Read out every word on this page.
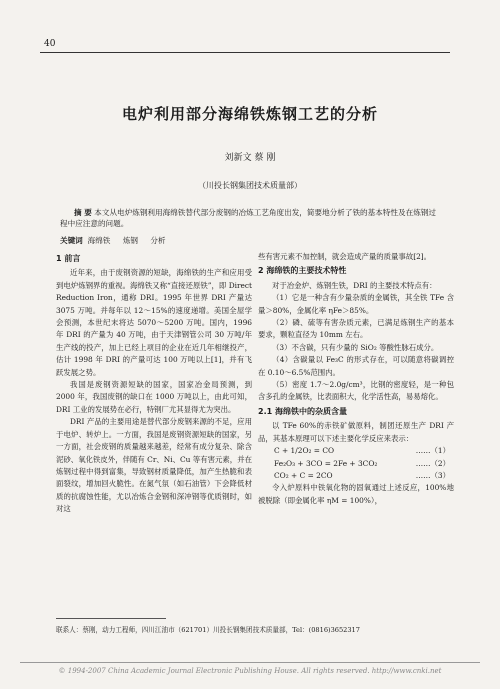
40
电炉利用部分海绵铁炼钢工艺的分析
刘新文 蔡 刚
（川投长钢集团技术质量部）
摘 要 本文从电炉炼钢利用海绵铁替代部分废钢的冶炼工艺角度出发，简要地分析了铁的基本特性及在炼钢过程中应注意的问题。
关键词 海绵铁 炼钢 分析
1 前言

近年来，由于废钢资源的短缺，海绵铁的生产和应用受到电炉炼钢界的重视。海绵铁又称“直接还原铁”，即 Direct Reduction Iron，通称 DRI。1995 年世界 DRI 产量达 3075 万吨。并每年以 12～15%的速度递增。美国全屋学会预测，本世纪末将达 5070～5200 万吨。国内，1996 年 DRI 的产量为 40 万吨，由于天津钢管公司 30 万吨/年生产线的投产，加上已经上项目的企业在近几年相继投产，估计 1998 年 DRI 的产量可达 100 万吨以上[1]，并有飞跃发展之势。

我国是废钢资源短缺的国家，国家冶金局预测，到 2000 年，我国废钢的缺口在 1000 万吨以上，由此可知，DRI 工业的发展势在必行，特钢厂尤其显得尤为突出。

DRI 产品的主要用途是替代部分废钢来源的不足，应用于电炉、转炉上。一方面，我国是废钢资源短缺的国家，另一方面，社会废钢的质量越来越差，经常有成分复杂、除含泥砂、氧化铁皮外，伴随有 Cr、Ni、Cu 等有害元素，并在炼钢过程中得到富集，导致钢材质量降低，加产生热脆和表面裂纹，增加回火脆性。在氮气氛（如石油管）下会降低材质的抗腐蚀性能，尤以冶炼合金钢和深冲钢等优质钢时，如对这

些有害元素不加控制，就会造成产量的质量事故[2]。

2 海绵铁的主要技术特性

对于冶金炉、炼钢生铁，DRI 的主要技术特点有：

（1）它是一种含有少量杂质的金属铁，其全铁 TFe 含量＞80%，金属化率 ηFe＞85%。

（2）磷、硫等有害杂质元素，已满足炼钢生产的基本要求，颗粒直径为 10mm 左右。

（3）不含碳，只有少量的 SiO₂ 等酸性脉石成分。

（4）含碳量以 Fe₃C 的形式存在，可以随意将碳调控在 0.10～6.5%范围内。

（5）密度 1.7～2.0g/cm³，比钢的密度轻，是一种包含多孔的金属铁，比表面积大，化学活性高，易易熔化。

2.1 海绵铁中的杂质含量

以 TFe 60%的赤铁矿做原料，制团还原生产 DRI 产品，其基本原理可以下述主要化学反应来表示：

C + 1/2O₂ = CO	……（1）
Fe₂O₃ + 3CO = 2Fe + 3CO₂	……（2）
CO₂ + C = 2CO	……（3）

令入炉原料中铁氧化物的固氧通过上述反应，100%地被脱除（即金属化率 ηM = 100%），

联系人：蔡刚，动力工程师，四川江油市（621701）川投长钢集团技术质量部，Tel：(0816)3652317
© 1994-2007 China Academic Journal Electronic Publishing House. All rights reserved. http://www.cnki.net
